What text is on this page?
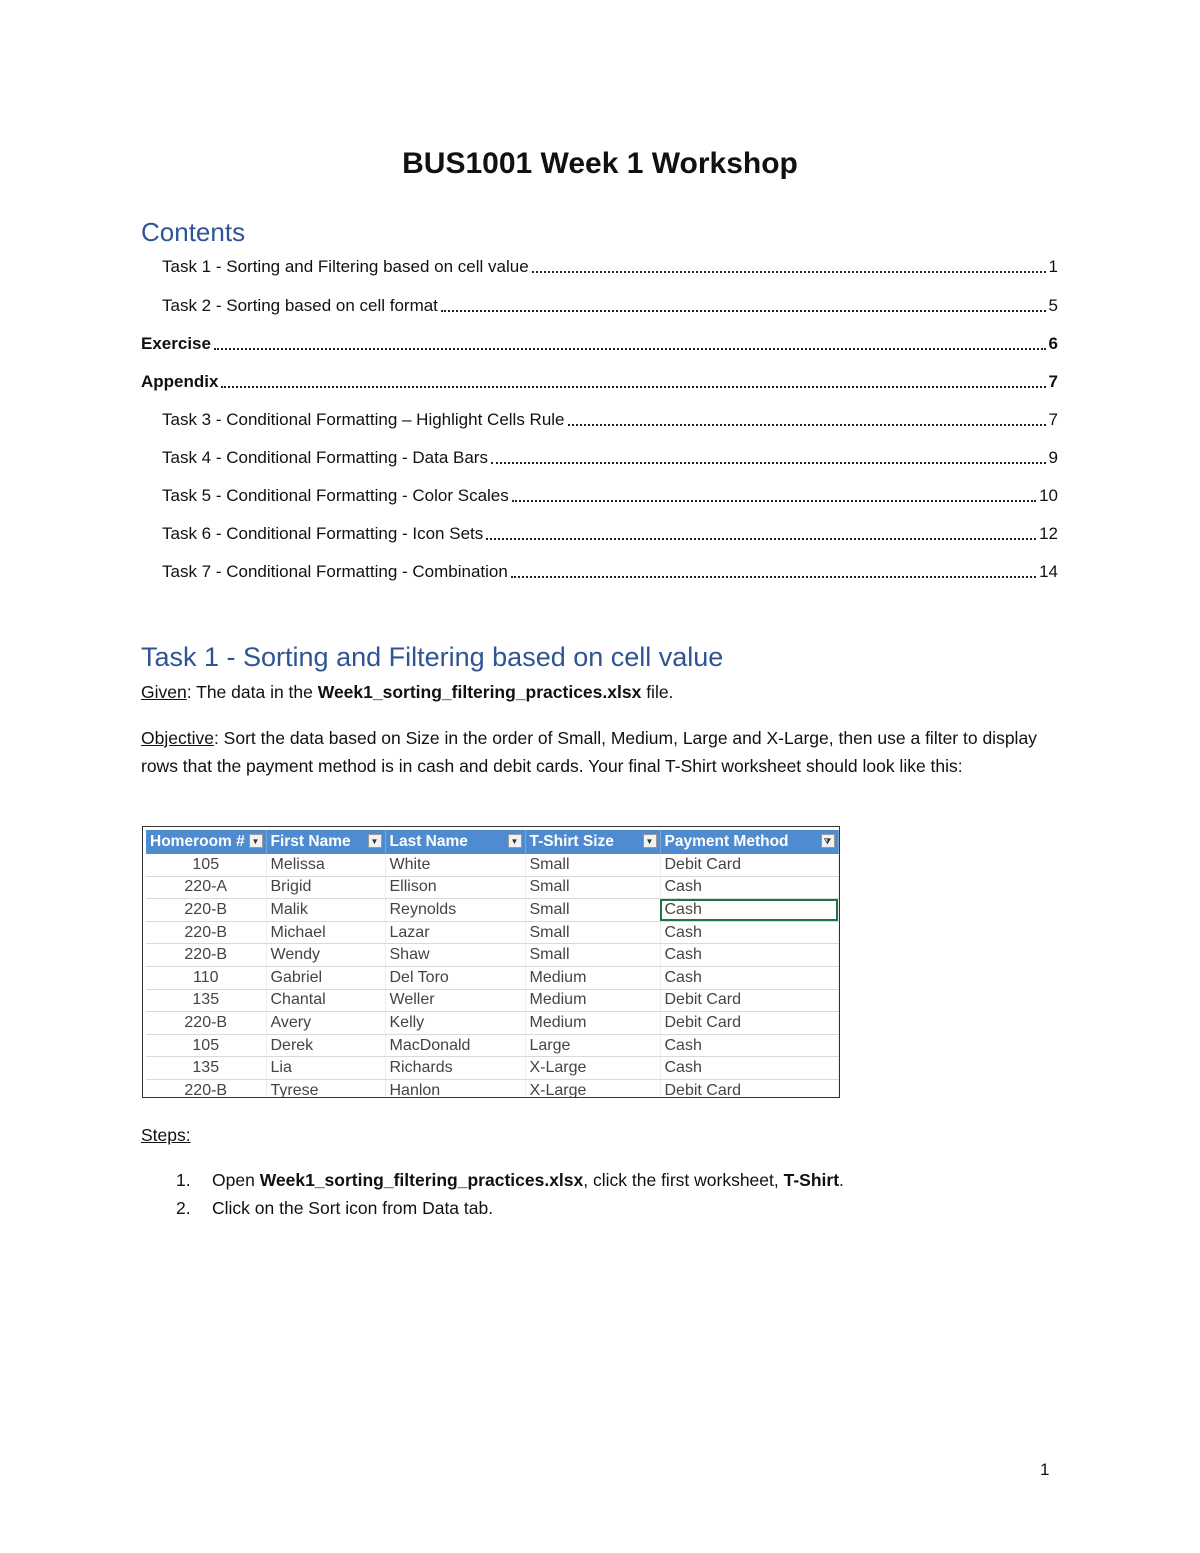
BUS1001 Week 1 Workshop
Contents
Task 1 - Sorting and Filtering based on cell value	1
Task 2 - Sorting based on cell format	5
Exercise	6
Appendix	7
Task 3 - Conditional Formatting – Highlight Cells Rule	7
Task 4 - Conditional Formatting - Data Bars	9
Task 5 - Conditional Formatting - Color Scales	10
Task 6 - Conditional Formatting - Icon Sets	12
Task 7 - Conditional Formatting - Combination	14
Task 1 - Sorting and Filtering based on cell value
Given: The data in the Week1_sorting_filtering_practices.xlsx file.
Objective: Sort the data based on Size in the order of Small, Medium, Large and X-Large, then use a filter to display rows that the payment method is in cash and debit cards. Your final T-Shirt worksheet should look like this:
Homeroom # ▼	First Name ▼	Last Name ▼	T-Shirt Size ▼	Payment Method ⧩

105	Melissa	White	Small	Debit Card
220-A	Brigid	Ellison	Small	Cash
220-B	Malik	Reynolds	Small	Cash
220-B	Michael	Lazar	Small	Cash
220-B	Wendy	Shaw	Small	Cash
110	Gabriel	Del Toro	Medium	Cash
135	Chantal	Weller	Medium	Debit Card
220-B	Avery	Kelly	Medium	Debit Card
105	Derek	MacDonald	Large	Cash
135	Lia	Richards	X-Large	Cash
220-B	Tyrese	Hanlon	X-Large	Debit Card
Steps:
1.	Open Week1_sorting_filtering_practices.xlsx, click the first worksheet, T-Shirt.
2.	Click on the Sort icon from Data tab.
1
